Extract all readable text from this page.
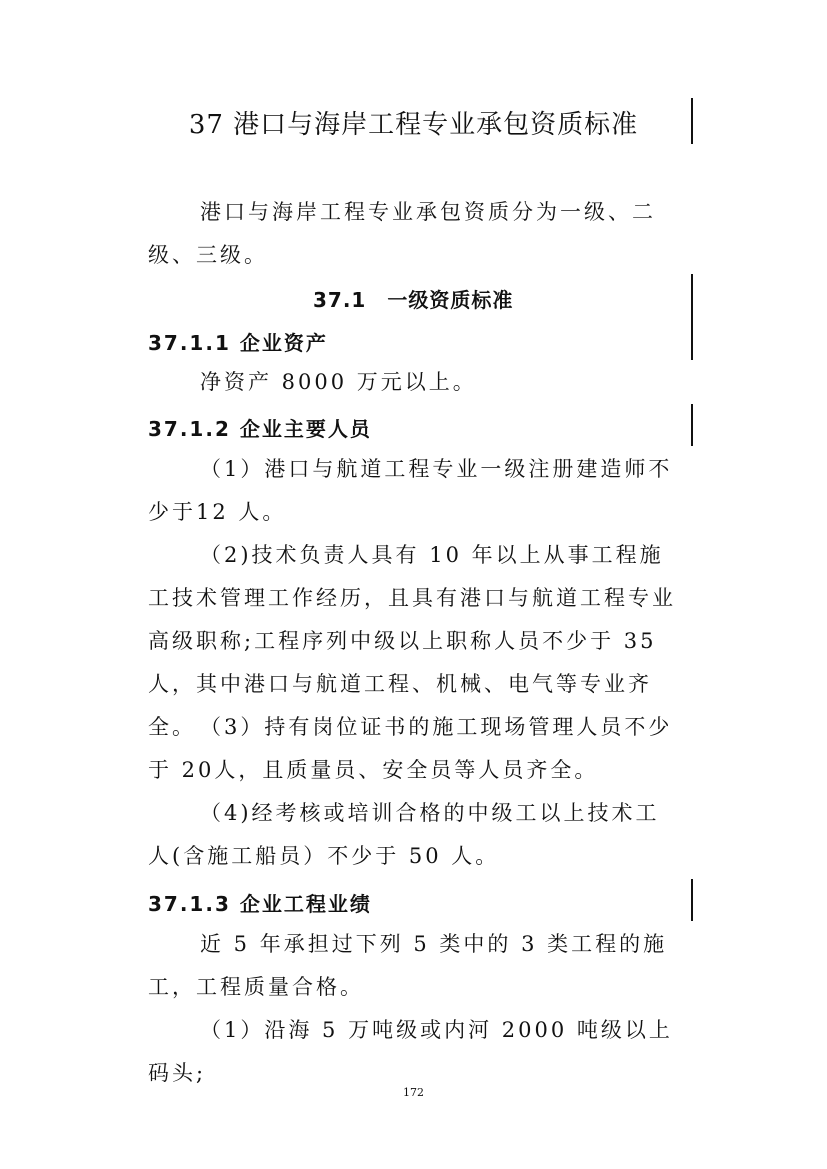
37 港口与海岸工程专业承包资质标准

港口与海岸工程专业承包资质分为一级、二级、三级。

37.1　一级资质标准
37.1.1 企业资产

净资产 8000 万元以上。

37.1.2 企业主要人员

（1）港口与航道工程专业一级注册建造师不少于12 人。

（2)技术负责人具有 10 年以上从事工程施工技术管理工作经历，且具有港口与航道工程专业高级职称;工程序列中级以上职称人员不少于 35 人，其中港口与航道工程、机械、电气等专业齐全。 （3）持有岗位证书的施工现场管理人员不少于 20人，且质量员、安全员等人员齐全。

（4)经考核或培训合格的中级工以上技术工人(含施工船员）不少于 50 人。

37.1.3 企业工程业绩

近 5 年承担过下列 5 类中的 3 类工程的施工，工程质量合格。

（1）沿海 5 万吨级或内河 2000 吨级以上码头;

172
